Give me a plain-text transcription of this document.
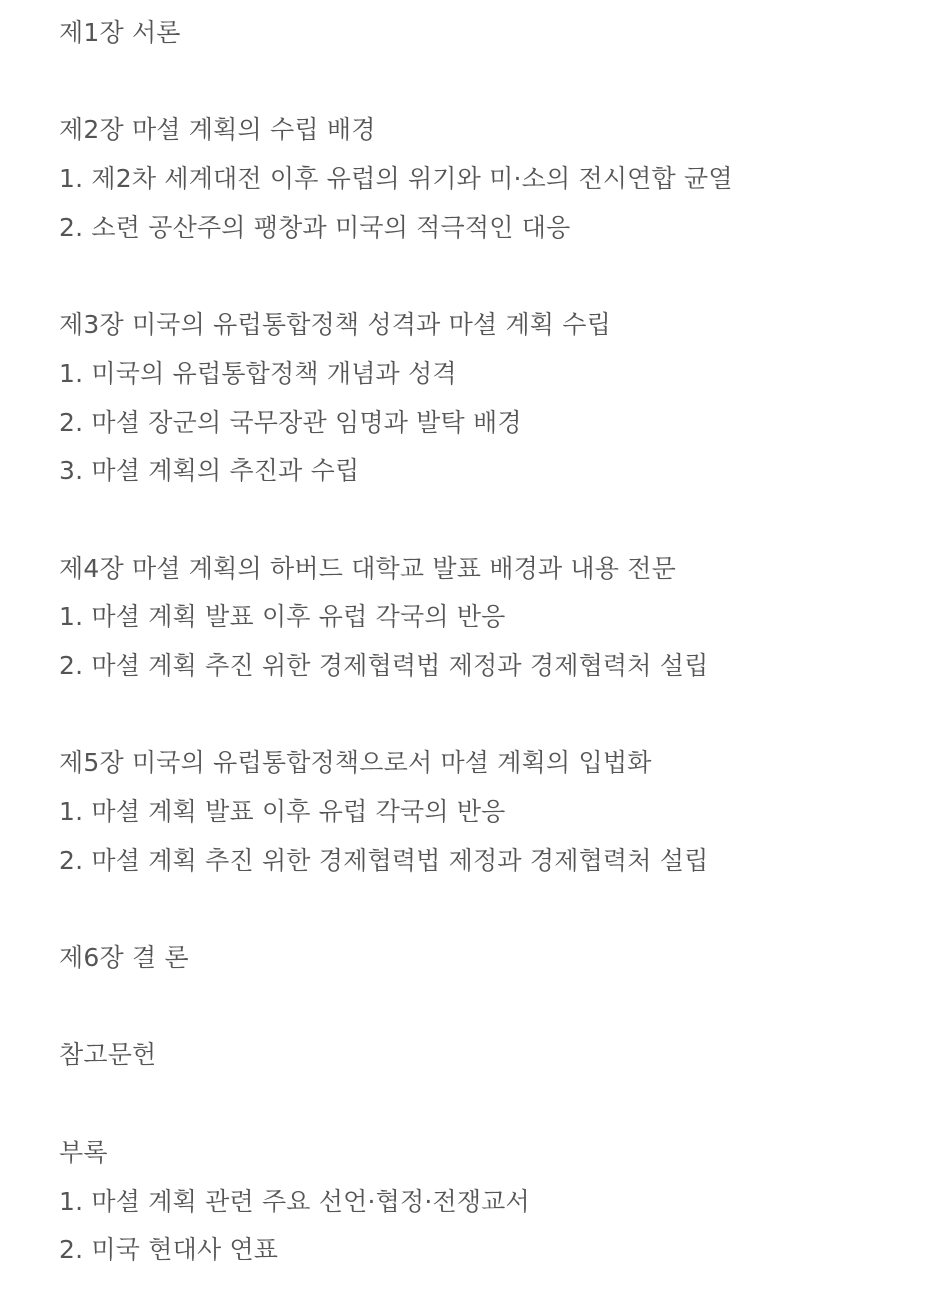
제1장 서론
제2장 마셜 계획의 수립 배경
1. 제2차 세계대전 이후 유럽의 위기와 미·소의 전시연합 균열
2. 소련 공산주의 팽창과 미국의 적극적인 대응
제3장 미국의 유럽통합정책 성격과 마셜 계획 수립
1. 미국의 유럽통합정책 개념과 성격
2. 마셜 장군의 국무장관 임명과 발탁 배경
3. 마셜 계획의 추진과 수립
제4장 마셜 계획의 하버드 대학교 발표 배경과 내용 전문
1. 마셜 계획 발표 이후 유럽 각국의 반응
2. 마셜 계획 추진 위한 경제협력법 제정과 경제협력처 설립
제5장 미국의 유럽통합정책으로서 마셜 계획의 입법화
1. 마셜 계획 발표 이후 유럽 각국의 반응
2. 마셜 계획 추진 위한 경제협력법 제정과 경제협력처 설립
제6장 결 론
참고문헌
부록
1. 마셜 계획 관련 주요 선언·협정·전쟁교서
2. 미국 현대사 연표
